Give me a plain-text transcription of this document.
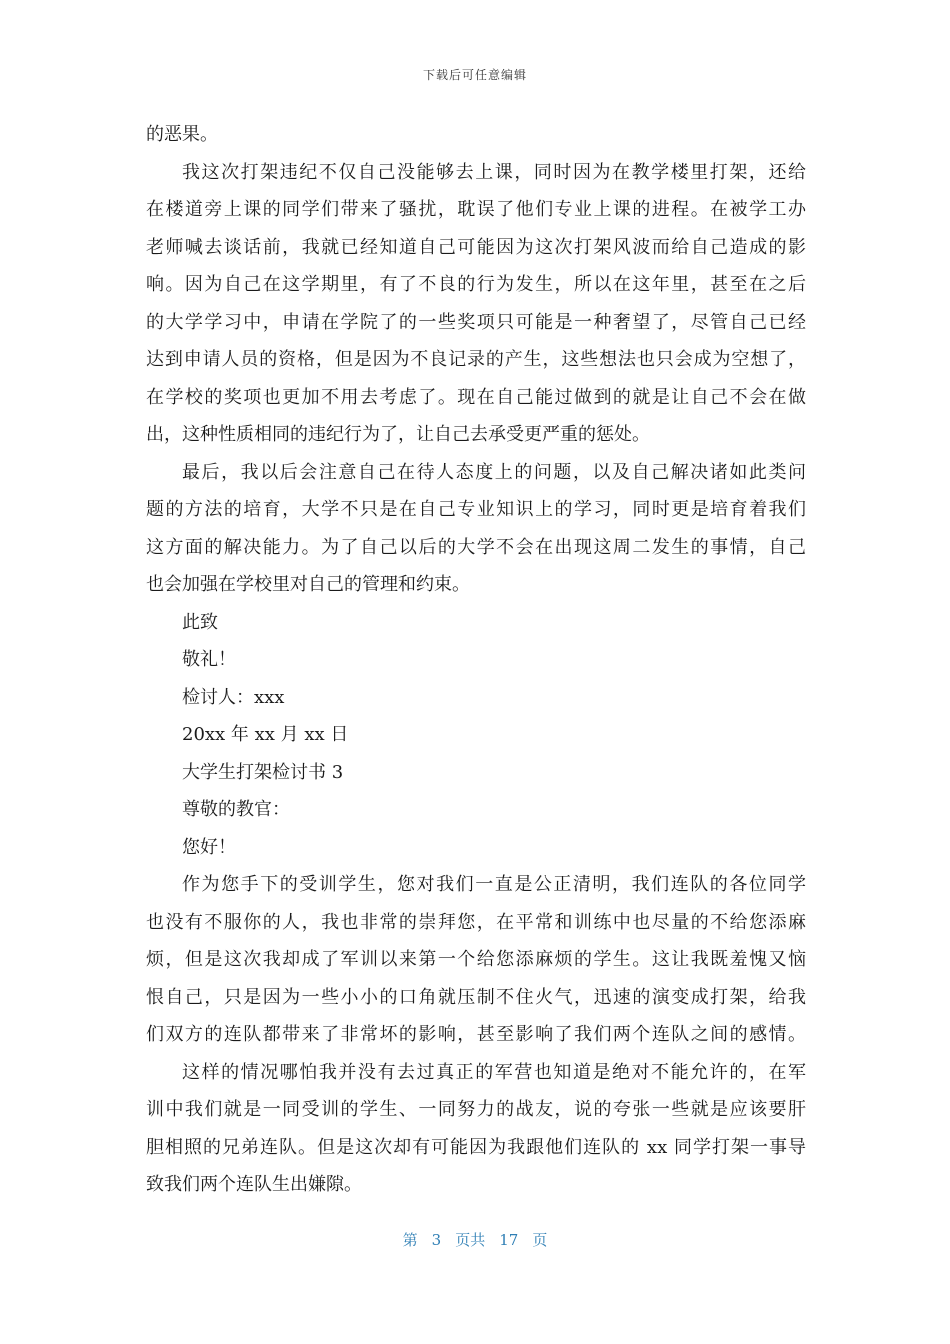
下载后可任意编辑
的恶果。
我这次打架违纪不仅自己没能够去上课，同时因为在教学楼里打架，还给
在楼道旁上课的同学们带来了骚扰，耽误了他们专业上课的进程。在被学工办
老师喊去谈话前，我就已经知道自己可能因为这次打架风波而给自己造成的影
响。因为自己在这学期里，有了不良的行为发生，所以在这年里，甚至在之后
的大学学习中，申请在学院了的一些奖项只可能是一种奢望了，尽管自己已经
达到申请人员的资格，但是因为不良记录的产生，这些想法也只会成为空想了，
在学校的奖项也更加不用去考虑了。现在自己能过做到的就是让自己不会在做
出，这种性质相同的违纪行为了，让自己去承受更严重的惩处。
最后，我以后会注意自己在待人态度上的问题，以及自己解决诸如此类问
题的方法的培育，大学不只是在自己专业知识上的学习，同时更是培育着我们
这方面的解决能力。为了自己以后的大学不会在出现这周二发生的事情，自己
也会加强在学校里对自己的管理和约束。
此致
敬礼！
检讨人：xxx
20xx 年 xx 月 xx 日
大学生打架检讨书 3
尊敬的教官：
您好！
作为您手下的受训学生，您对我们一直是公正清明，我们连队的各位同学
也没有不服你的人，我也非常的崇拜您，在平常和训练中也尽量的不给您添麻
烦，但是这次我却成了军训以来第一个给您添麻烦的学生。这让我既羞愧又恼
恨自己，只是因为一些小小的口角就压制不住火气，迅速的演变成打架，给我
们双方的连队都带来了非常坏的影响，甚至影响了我们两个连队之间的感情。
这样的情况哪怕我并没有去过真正的军营也知道是绝对不能允许的，在军
训中我们就是一同受训的学生、一同努力的战友，说的夸张一些就是应该要肝
胆相照的兄弟连队。但是这次却有可能因为我跟他们连队的 xx 同学打架一事导
致我们两个连队生出嫌隙。
第 3 页共 17 页
